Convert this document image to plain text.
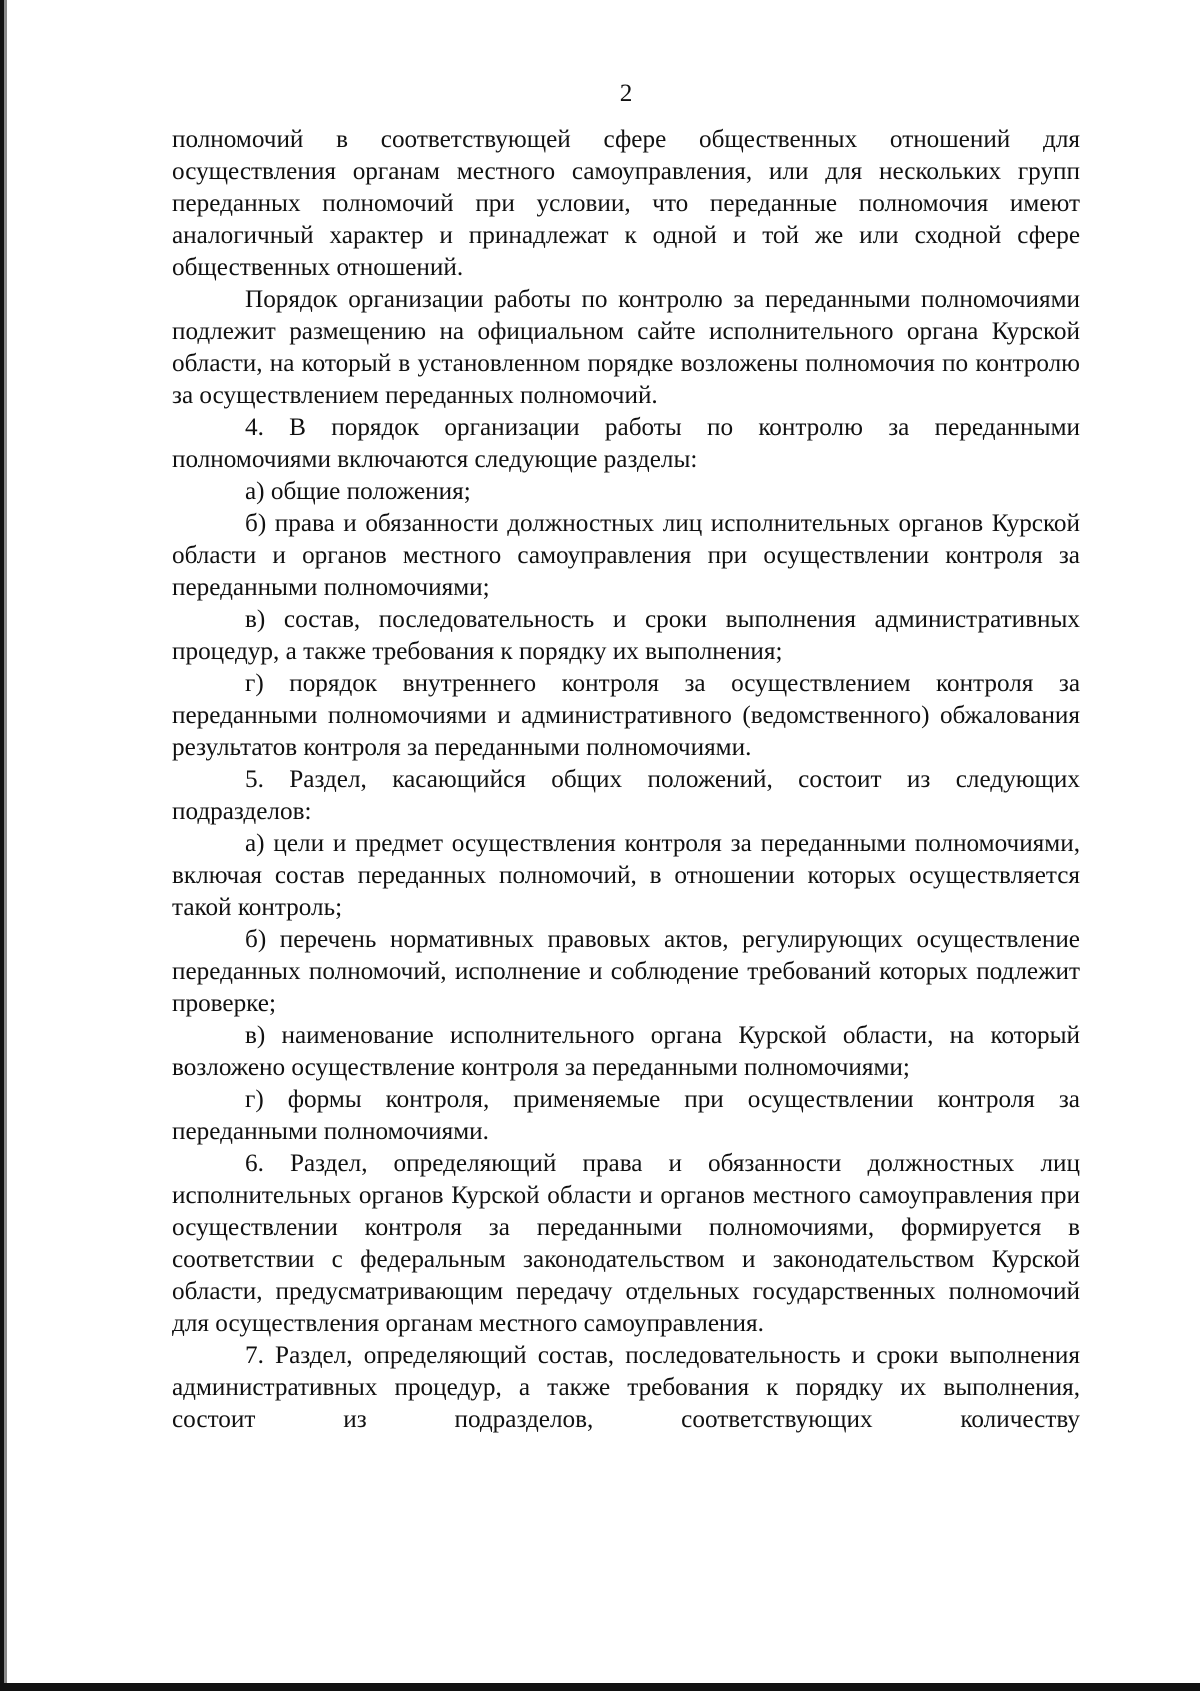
2

полномочий в соответствующей сфере общественных отношений для осуществления органам местного самоуправления, или для нескольких групп переданных полномочий при условии, что переданные полномочия имеют аналогичный характер и принадлежат к одной и той же или сходной сфере общественных отношений.

Порядок организации работы по контролю за переданными полномочиями подлежит размещению на официальном сайте исполнительного органа Курской области, на который в установленном порядке возложены полномочия по контролю за осуществлением переданных полномочий.

4. В порядок организации работы по контролю за переданными полномочиями включаются следующие разделы:

а) общие положения;

б) права и обязанности должностных лиц исполнительных органов Курской области и органов местного самоуправления при осуществлении контроля за переданными полномочиями;

в) состав, последовательность и сроки выполнения административных процедур, а также требования к порядку их выполнения;

г) порядок внутреннего контроля за осуществлением контроля за переданными полномочиями и административного (ведомственного) обжалования результатов контроля за переданными полномочиями.

5. Раздел, касающийся общих положений, состоит из следующих подразделов:

а) цели и предмет осуществления контроля за переданными полномочиями, включая состав переданных полномочий, в отношении которых осуществляется такой контроль;

б) перечень нормативных правовых актов, регулирующих осуществление переданных полномочий, исполнение и соблюдение требований которых подлежит проверке;

в) наименование исполнительного органа Курской области, на который возложено осуществление контроля за переданными полномочиями;

г) формы контроля, применяемые при осуществлении контроля за переданными полномочиями.

6. Раздел, определяющий права и обязанности должностных лиц исполнительных органов Курской области и органов местного самоуправления при осуществлении контроля за переданными полномочиями, формируется в соответствии с федеральным законодательством и законодательством Курской области, предусматривающим передачу отдельных государственных полномочий для осуществления органам местного самоуправления.

7. Раздел, определяющий состав, последовательность и сроки выполнения административных процедур, а также требования к порядку их выполнения, состоит из подразделов, соответствующих количеству
